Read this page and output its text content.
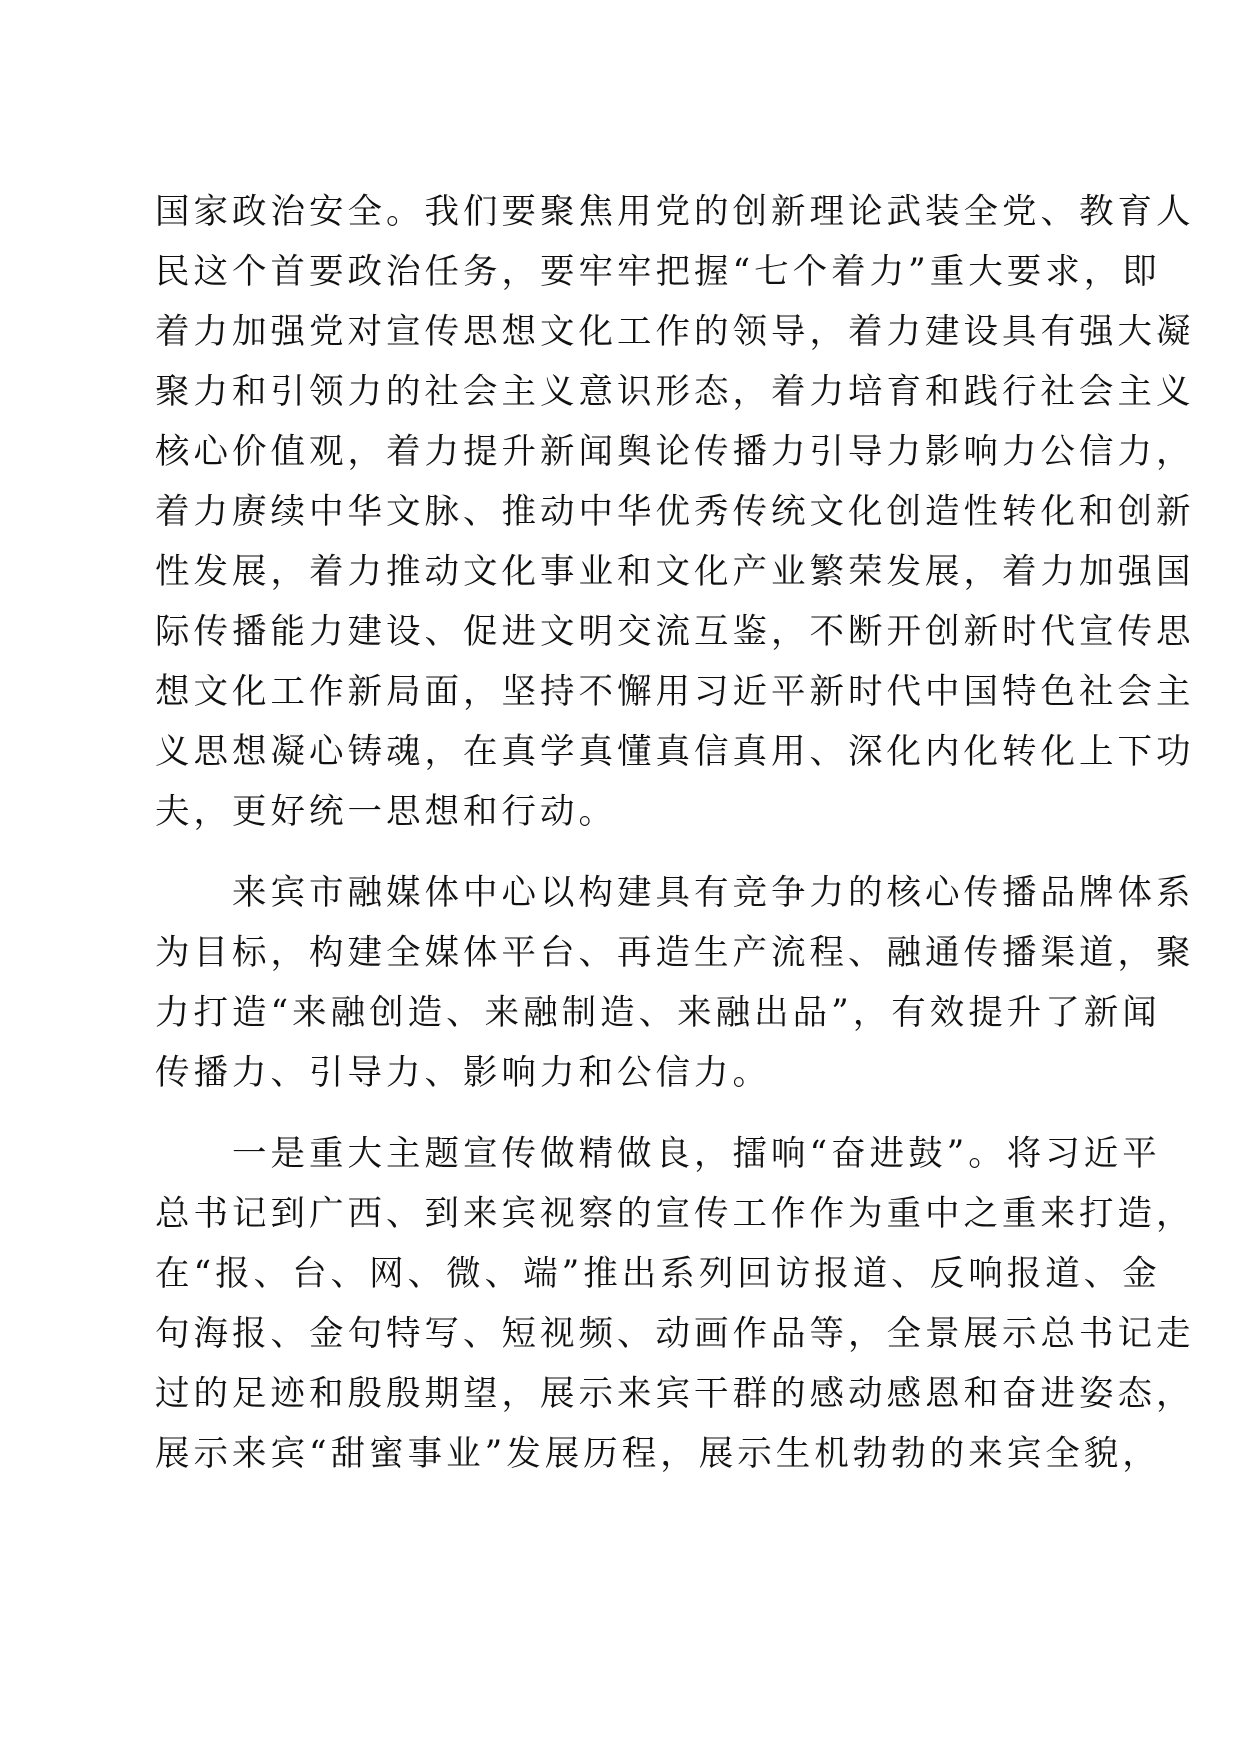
国家政治安全。我们要聚焦用党的创新理论武装全党、教育人
民这个首要政治任务，要牢牢把握“七个着力”重大要求，即
着力加强党对宣传思想文化工作的领导，着力建设具有强大凝
聚力和引领力的社会主义意识形态，着力培育和践行社会主义
核心价值观，着力提升新闻舆论传播力引导力影响力公信力，
着力赓续中华文脉、推动中华优秀传统文化创造性转化和创新
性发展，着力推动文化事业和文化产业繁荣发展，着力加强国
际传播能力建设、促进文明交流互鉴，不断开创新时代宣传思
想文化工作新局面，坚持不懈用习近平新时代中国特色社会主
义思想凝心铸魂，在真学真懂真信真用、深化内化转化上下功
夫，更好统一思想和行动。
　　来宾市融媒体中心以构建具有竞争力的核心传播品牌体系
为目标，构建全媒体平台、再造生产流程、融通传播渠道，聚
力打造“来融创造、来融制造、来融出品”，有效提升了新闻
传播力、引导力、影响力和公信力。
　　一是重大主题宣传做精做良，擂响“奋进鼓”。将习近平
总书记到广西、到来宾视察的宣传工作作为重中之重来打造，
在“报、台、网、微、端”推出系列回访报道、反响报道、金
句海报、金句特写、短视频、动画作品等，全景展示总书记走
过的足迹和殷殷期望，展示来宾干群的感动感恩和奋进姿态，
展示来宾“甜蜜事业”发展历程，展示生机勃勃的来宾全貌，
